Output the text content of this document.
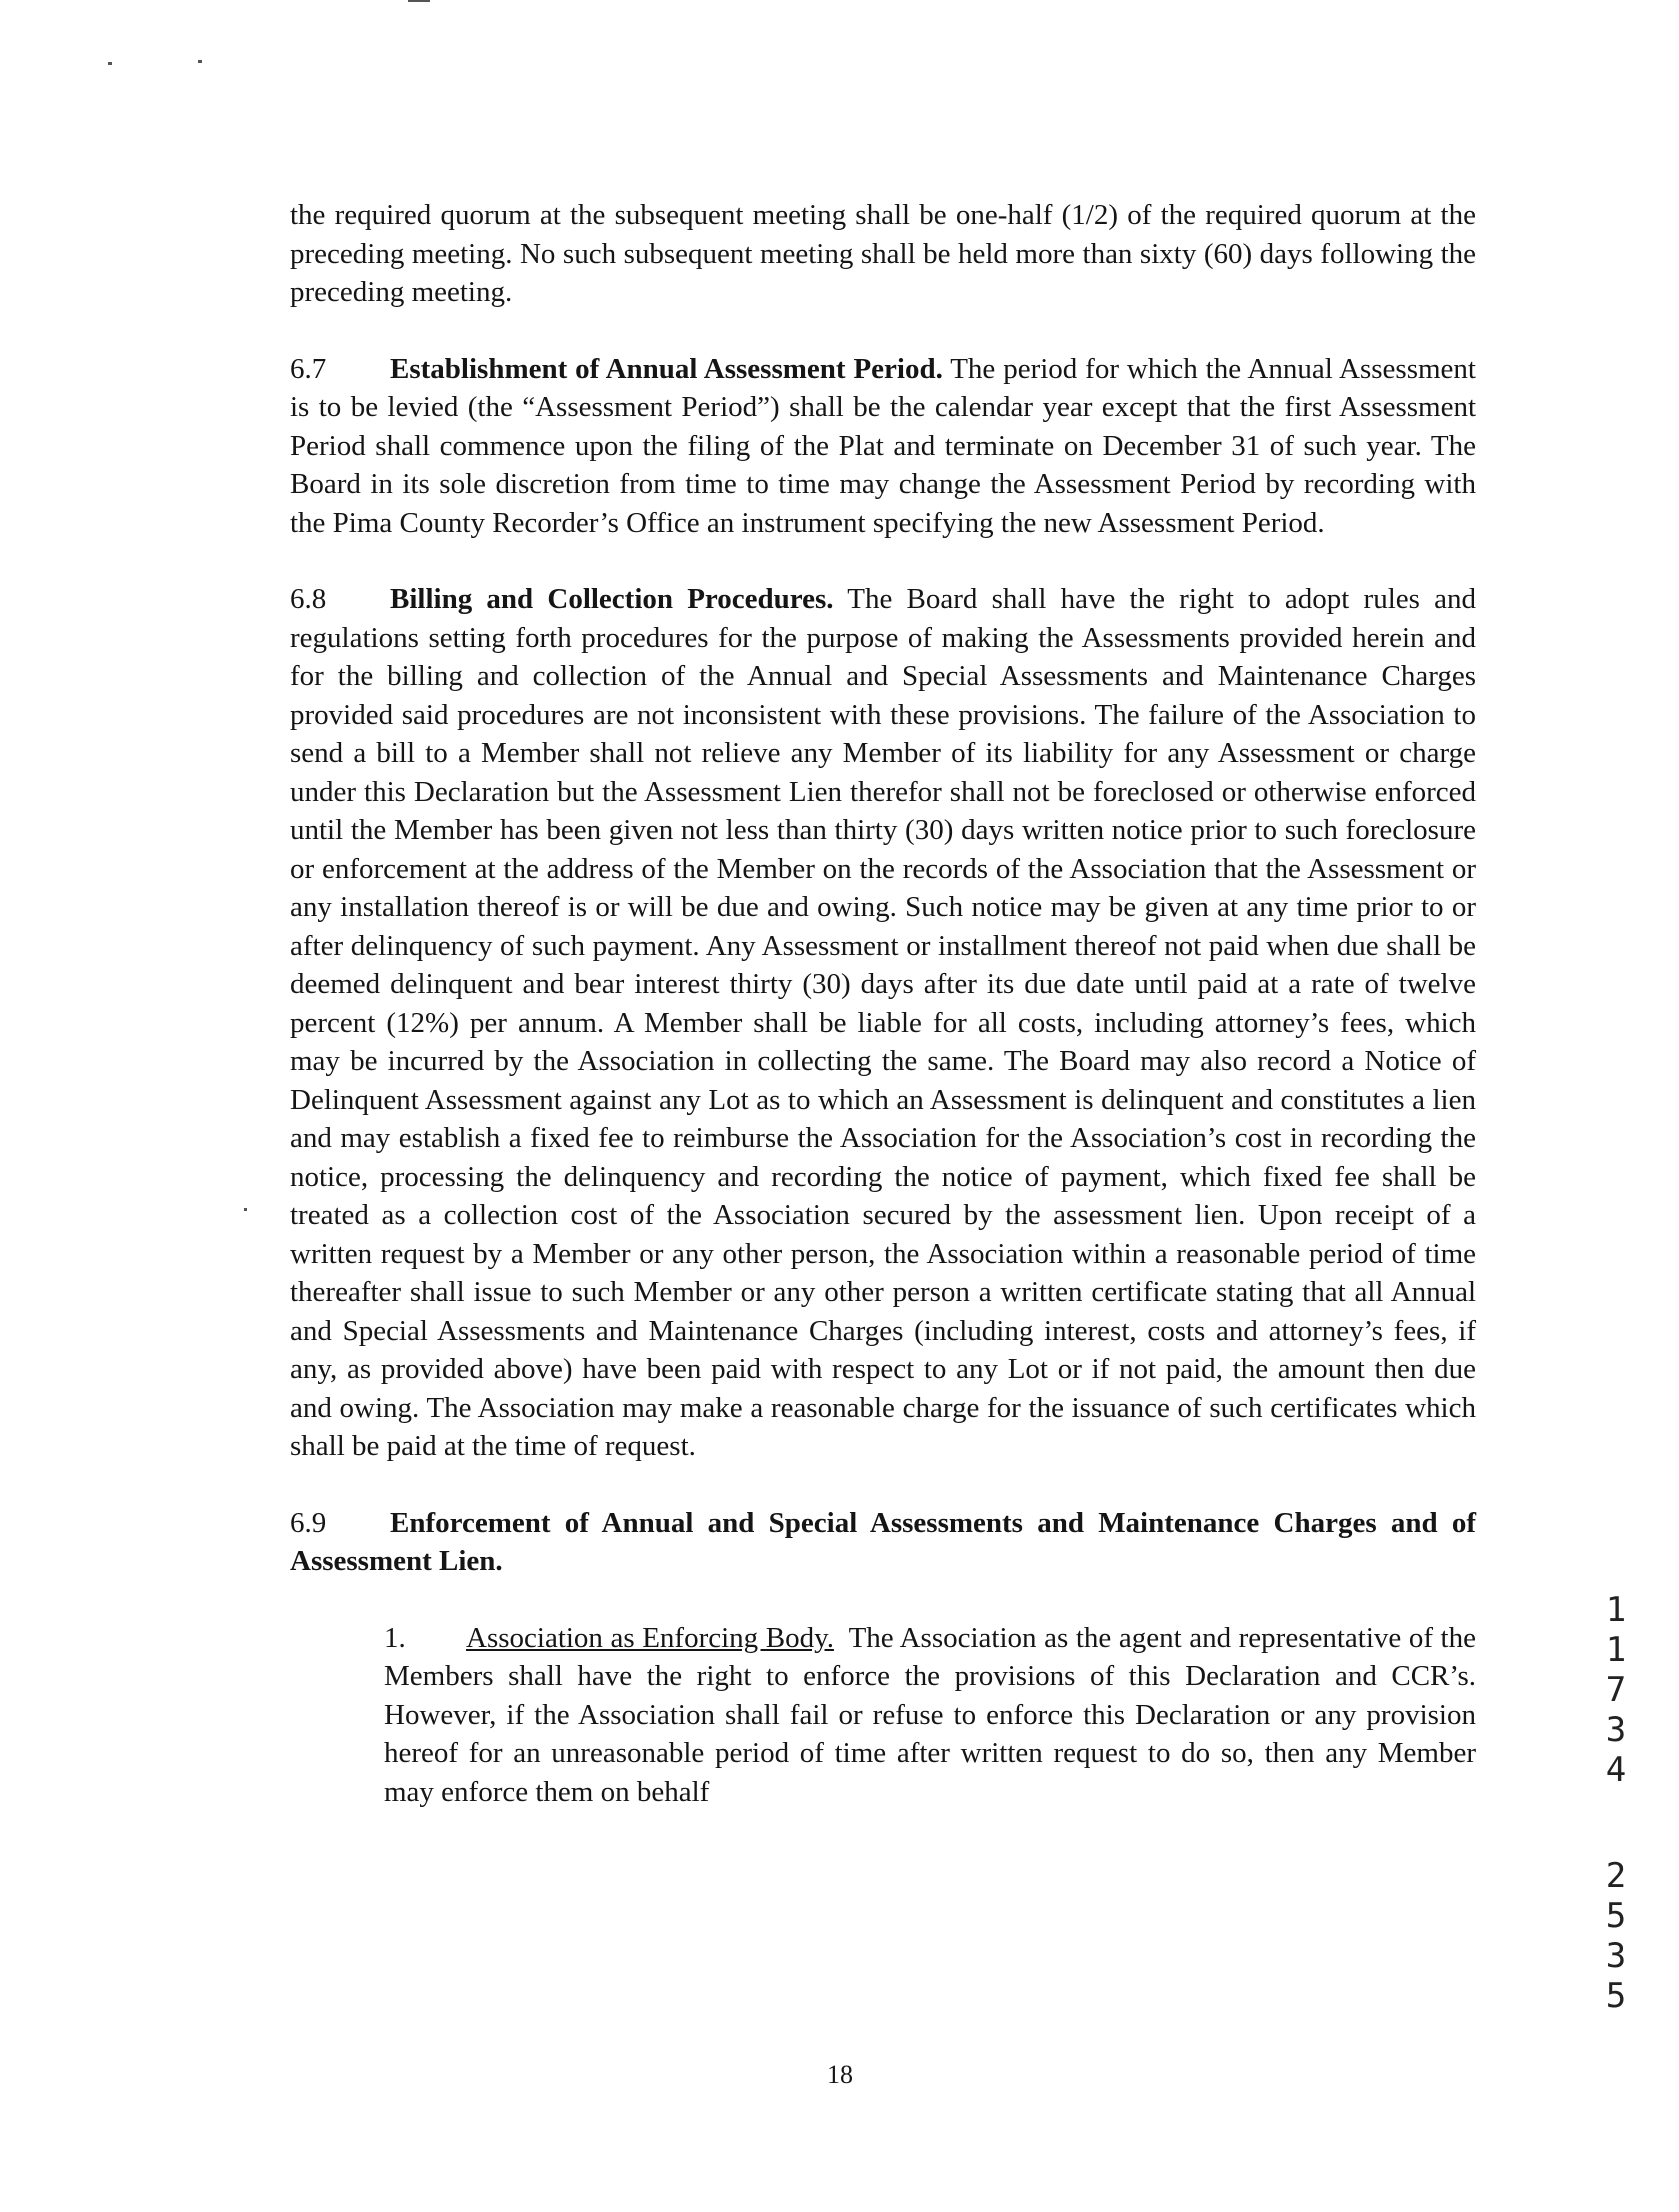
the required quorum at the subsequent meeting shall be one-half (1/2) of the required quorum at the preceding meeting. No such subsequent meeting shall be held more than sixty (60) days following the preceding meeting.

6.7 Establishment of Annual Assessment Period. The period for which the Annual Assessment is to be levied (the “Assessment Period”) shall be the calendar year except that the first Assessment Period shall commence upon the filing of the Plat and terminate on December 31 of such year. The Board in its sole discretion from time to time may change the Assessment Period by recording with the Pima County Recorder’s Office an instrument specifying the new Assessment Period.

6.8 Billing and Collection Procedures. The Board shall have the right to adopt rules and regulations setting forth procedures for the purpose of making the Assessments provided herein and for the billing and collection of the Annual and Special Assessments and Maintenance Charges provided said procedures are not inconsistent with these provisions. The failure of the Association to send a bill to a Member shall not relieve any Member of its liability for any Assessment or charge under this Declaration but the Assessment Lien therefor shall not be foreclosed or otherwise enforced until the Member has been given not less than thirty (30) days written notice prior to such foreclosure or enforcement at the address of the Member on the records of the Association that the Assessment or any installation thereof is or will be due and owing. Such notice may be given at any time prior to or after delinquency of such payment. Any Assessment or installment thereof not paid when due shall be deemed delinquent and bear interest thirty (30) days after its due date until paid at a rate of twelve percent (12%) per annum. A Member shall be liable for all costs, including attorney’s fees, which may be incurred by the Association in collecting the same. The Board may also record a Notice of Delinquent Assessment against any Lot as to which an Assessment is delinquent and constitutes a lien and may establish a fixed fee to reimburse the Association for the Association’s cost in recording the notice, processing the delinquency and recording the notice of payment, which fixed fee shall be treated as a collection cost of the Association secured by the assessment lien. Upon receipt of a written request by a Member or any other person, the Association within a reasonable period of time thereafter shall issue to such Member or any other person a written certificate stating that all Annual and Special Assessments and Maintenance Charges (including interest, costs and attorney’s fees, if any, as provided above) have been paid with respect to any Lot or if not paid, the amount then due and owing. The Association may make a reasonable charge for the issuance of such certificates which shall be paid at the time of request.

6.9 Enforcement of Annual and Special Assessments and Maintenance Charges and of Assessment Lien.

1. Association as Enforcing Body. The Association as the agent and representative of the Members shall have the right to enforce the provisions of this Declaration and CCR’s. However, if the Association shall fail or refuse to enforce this Declaration or any provision hereof for an unreasonable period of time after written request to do so, then any Member may enforce them on behalf

1
1
7
3
4
2
5
3
5
18
